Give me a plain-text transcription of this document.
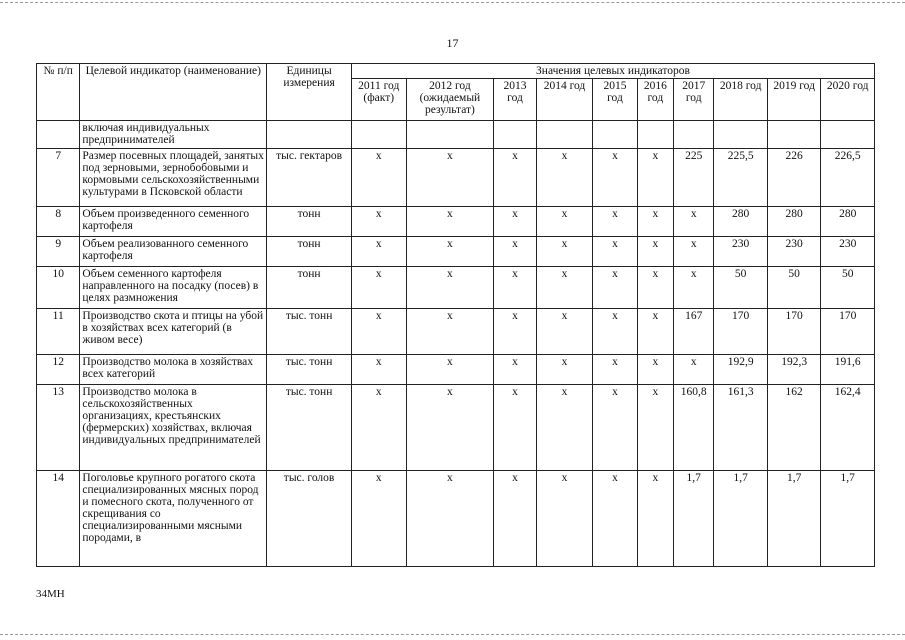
17
№ п/п	Целевой индикатор (наименование)	Единицы измерения	Значения целевых индикаторов									
			2011 год (факт)	2012 год (ожидаемый результат)	2013 год	2014 год	2015 год	2016 год	2017 год	2018 год	2019 год	2020 год
	включая индивидуальных предпринимателей											
7	Размер посевных площадей, занятых под зерновыми, зернобобовыми и кормовыми сельскохозяйственными культурами в Псковской области	тыс. гектаров	x	x	x	x	x	x	225	225,5	226	226,5
8	Объем произведенного семенного картофеля	тонн	x	x	x	x	x	x	x	280	280	280
9	Объем реализованного семенного картофеля	тонн	x	x	x	x	x	x	x	230	230	230
10	Объем семенного картофеля направленного на посадку (посев) в целях размножения	тонн	x	x	x	x	x	x	x	50	50	50
11	Производство скота и птицы на убой в хозяйствах всех категорий (в живом весе)	тыс. тонн	x	x	x	x	x	x	167	170	170	170
12	Производство молока в хозяйствах всех категорий	тыс. тонн	x	x	x	x	x	x	x	192,9	192,3	191,6
13	Производство молока в сельскохозяйственных организациях, крестьянских (фермерских) хозяйствах, включая индивидуальных предпринимателей	тыс. тонн	x	x	x	x	x	x	160,8	161,3	162	162,4
14	Поголовье крупного рогатого скота специализированных мясных пород и помесного скота, полученного от скрещивания со специализированными мясными породами, в	тыс. голов	x	x	x	x	x	x	1,7	1,7	1,7	1,7
34МН
